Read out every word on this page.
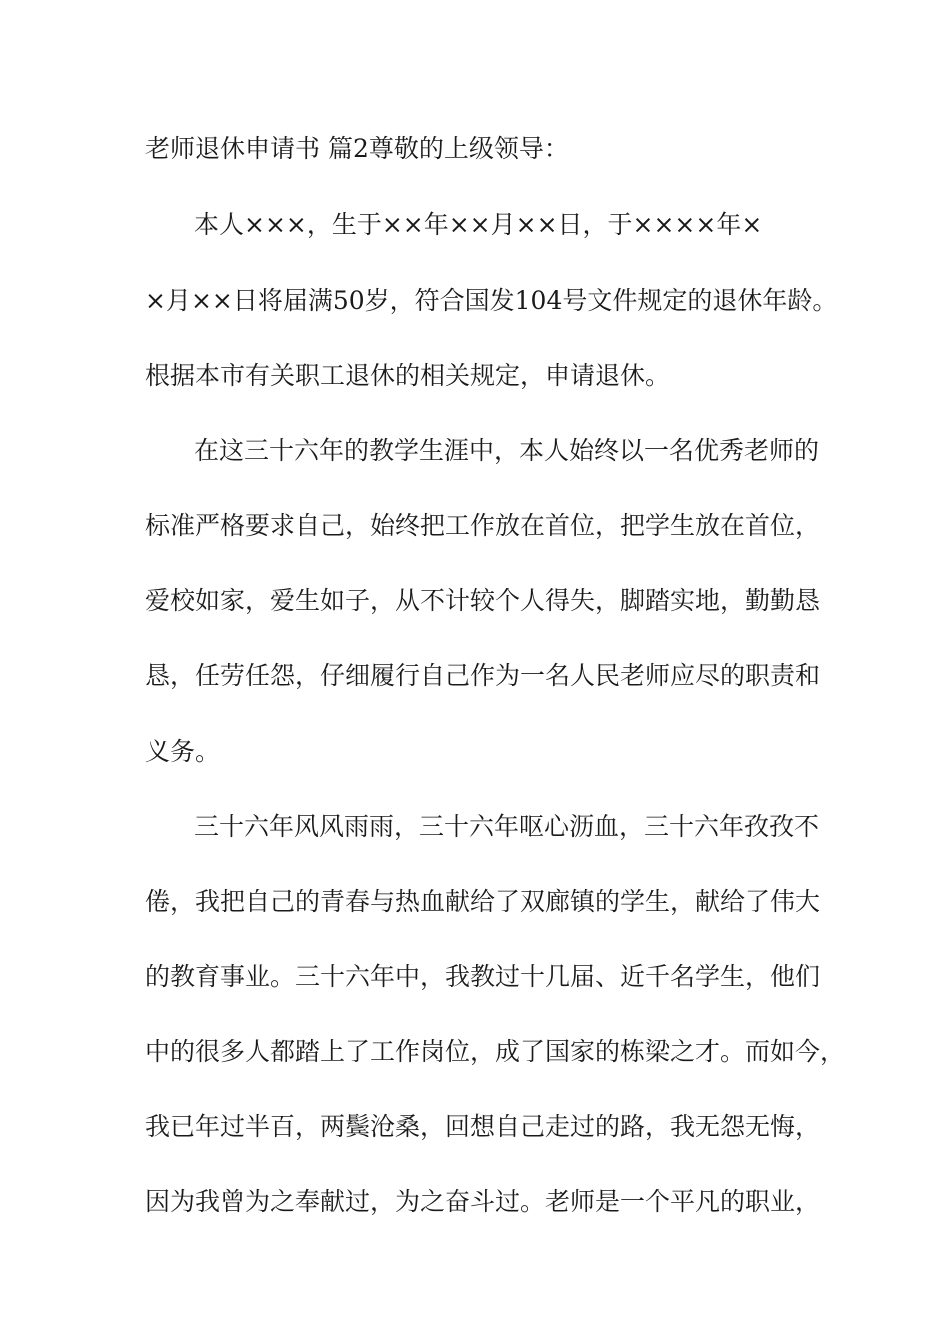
老师退休申请书 篇2尊敬的上级领导：

本人×××，生于××年××月××日，于××××年×

×月××日将届满50岁，符合国发104号文件规定的退休年龄。

根据本市有关职工退休的相关规定，申请退休。

在这三十六年的教学生涯中，本人始终以一名优秀老师的

标准严格要求自己，始终把工作放在首位，把学生放在首位，

爱校如家，爱生如子，从不计较个人得失，脚踏实地，勤勤恳

恳，任劳任怨，仔细履行自己作为一名人民老师应尽的职责和

义务。

三十六年风风雨雨，三十六年呕心沥血，三十六年孜孜不

倦，我把自己的青春与热血献给了双廊镇的学生，献给了伟大

的教育事业。三十六年中，我教过十几届、近千名学生，他们

中的很多人都踏上了工作岗位，成了国家的栋梁之才。而如今，

我已年过半百，两鬓沧桑，回想自己走过的路，我无怨无悔，

因为我曾为之奉献过，为之奋斗过。老师是一个平凡的职业，
